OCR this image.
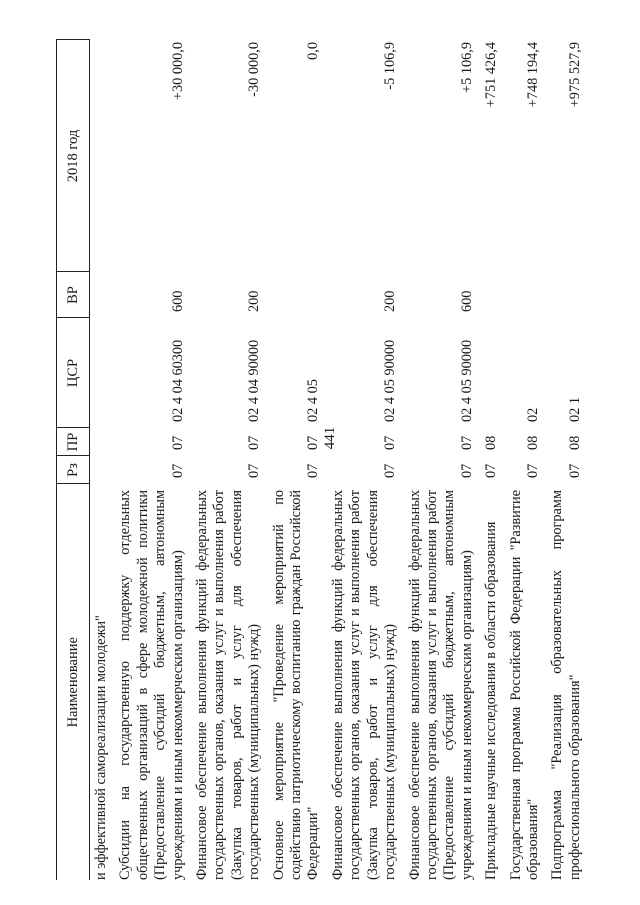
441
Наименование	Рз	ПР	ЦСР	ВР	2018 год

и эффективной самореализации молодежи"					

Субсидии на государственную поддержку отдельных общественных организаций в сфере молодежной политики (Предоставление субсидий бюджетным, автономным учреждениям и иным некоммерческим организациям)	07	07	02 4 04 60300	600	+30 000,0

Финансовое обеспечение выполнения функций федеральных государственных органов, оказания услуг и выполнения работ (Закупка товаров, работ и услуг для обеспечения государственных (муниципальных) нужд)	07	07	02 4 04 90000	200	-30 000,0

Основное мероприятие "Проведение мероприятий по содействию патриотическому воспитанию граждан Российской Федерации"	07	07	02 4 05		0,0

Финансовое обеспечение выполнения функций федеральных государственных органов, оказания услуг и выполнения работ (Закупка товаров, работ и услуг для обеспечения государственных (муниципальных) нужд)	07	07	02 4 05 90000	200	-5 106,9

Финансовое обеспечение выполнения функций федеральных государственных органов, оказания услуг и выполнения работ (Предоставление субсидий бюджетным, автономным учреждениям и иным некоммерческим организациям)	07	07	02 4 05 90000	600	+5 106,9

Прикладные научные исследования в области образования	07	08			+751 426,4

Государственная программа Российской Федерации "Развитие образования"	07	08	02		+748 194,4

Подпрограмма "Реализация образовательных программ профессионального образования"	07	08	02 1		+975 527,9
